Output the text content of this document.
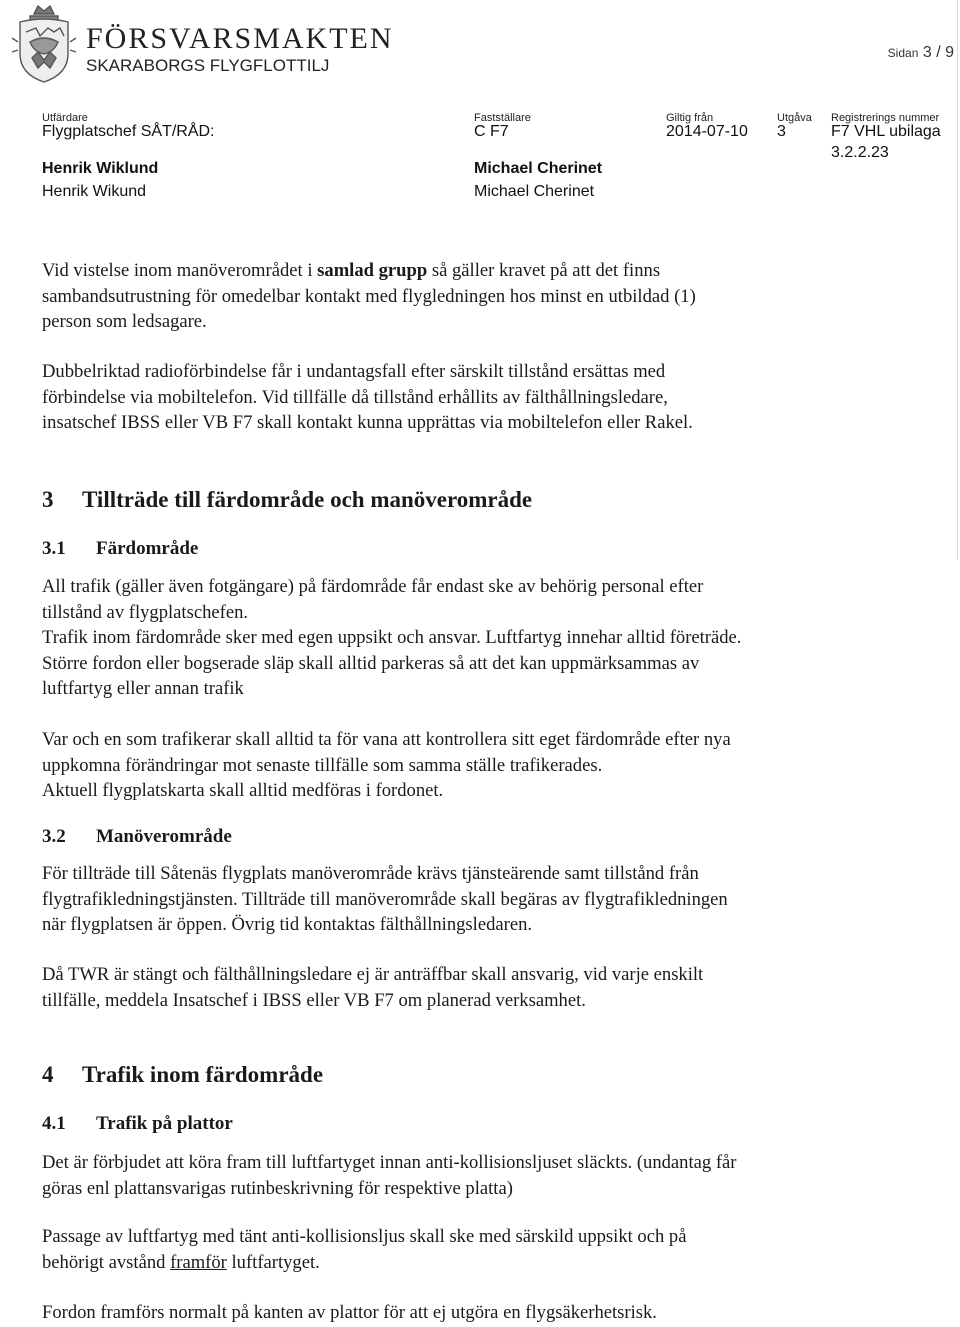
FÖRSVARSMAKTEN
SKARABORGS FLYGFLOTTILJ
Sidan 3 / 9
Utfärdare
Flygplatschef SÅT/RÅD:
Fastställare
C F7
Giltig från
2014-07-10
Utgåva
3
Registrerings nummer
F7 VHL ubilaga
3.2.2.23
Henrik Wiklund
Henrik Wikund
Michael Cherinet
Michael Cherinet

Vid vistelse inom manöverområdet i samlad grupp så gäller kravet på att det finns

sambandsutrustning för omedelbar kontakt med flygledningen hos minst en utbildad (1)

person som ledsagare.

Dubbelriktad radioförbindelse får i undantagsfall efter särskilt tillstånd ersättas med

förbindelse via mobiltelefon. Vid tillfälle då tillstånd erhållits av fälthållningsledare,

insatschef IBSS eller VB F7 skall kontakt kunna upprättas via mobiltelefon eller Rakel.

3 Tillträde till färdområde och manöverområde
3.1 Färdområde

All trafik (gäller även fotgängare) på färdområde får endast ske av behörig personal efter

tillstånd av flygplatschefen.

Trafik inom färdområde sker med egen uppsikt och ansvar. Luftfartyg innehar alltid företräde.

Större fordon eller bogserade släp skall alltid parkeras så att det kan uppmärksammas av

luftfartyg eller annan trafik

Var och en som trafikerar skall alltid ta för vana att kontrollera sitt eget färdområde efter nya

uppkomna förändringar mot senaste tillfälle som samma ställe trafikerades.

Aktuell flygplatskarta skall alltid medföras i fordonet.

3.2 Manöverområde

För tillträde till Såtenäs flygplats manöverområde krävs tjänsteärende samt tillstånd från

flygtrafikledningstjänsten. Tillträde till manöverområde skall begäras av flygtrafikledningen

när flygplatsen är öppen. Övrig tid kontaktas fälthållningsledaren.

Då TWR är stängt och fälthållningsledare ej är anträffbar skall ansvarig, vid varje enskilt

tillfälle, meddela Insatschef i IBSS eller VB F7 om planerad verksamhet.

4 Trafik inom färdområde
4.1 Trafik på plattor

Det är förbjudet att köra fram till luftfartyget innan anti-kollisionsljuset släckts. (undantag får

göras enl plattansvarigas rutinbeskrivning för respektive platta)

Passage av luftfartyg med tänt anti-kollisionsljus skall ske med särskild uppsikt och på

behörigt avstånd framför luftfartyget.

Fordon framförs normalt på kanten av plattor för att ej utgöra en flygsäkerhetsrisk.
